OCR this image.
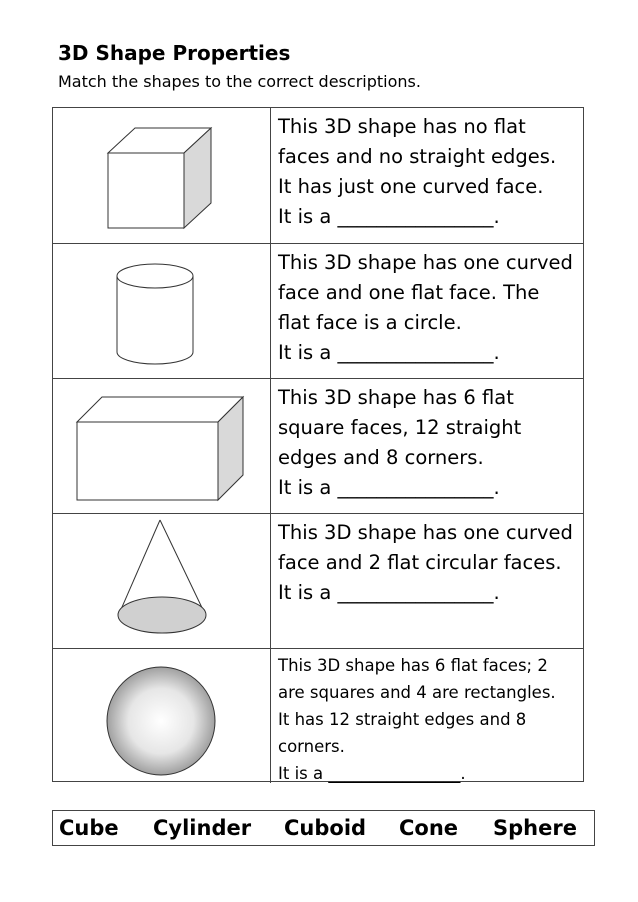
3D Shape Properties
Match the shapes to the correct descriptions.
This 3D shape has no flat
faces and no straight edges.
It has just one curved face.
It is a ________________.
This 3D shape has one curved
face and one flat face. The
flat face is a circle.
It is a ________________.
This 3D shape has 6 flat
square faces, 12 straight
edges and 8 corners.
It is a ________________.
This 3D shape has one curved
face and 2 flat circular faces.
It is a ________________.
This 3D shape has 6 flat faces; 2
are squares and 4 are rectangles.
It has 12 straight edges and 8
corners.
It is a ________________.
Cube Cylinder Cuboid Cone Sphere
